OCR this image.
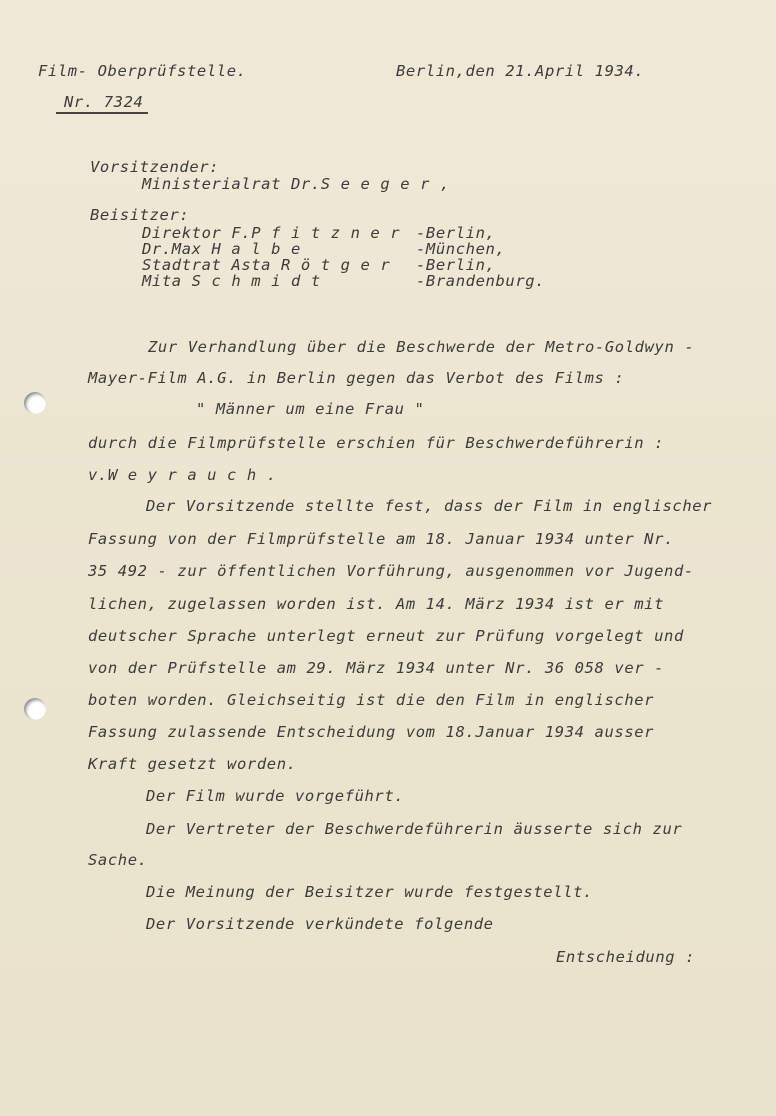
Film- Oberprüfstelle.	Berlin,den 21.April 1934.
Nr. 7324
Vorsitzender:
Ministerialrat Dr.S e e g e r ,
Beisitzer:
Direktor F.P f i t z n e r -Berlin,
Dr.Max H a l b e	-München,
Stadtrat Asta R ö t g e r -Berlin,
Mita S c h m i d t	-Brandenburg.
Zur Verhandlung über die Beschwerde der Metro-Goldwyn -
Mayer-Film A.G. in Berlin gegen das Verbot des Films :
" Männer um eine Frau "
durch die Filmprüfstelle erschien für Beschwerdeführerin :
v.W e y r a u c h .
Der Vorsitzende stellte fest, dass der Film in englischer
Fassung von der Filmprüfstelle am 18. Januar 1934 unter Nr.
35 492 - zur öffentlichen Vorführung, ausgenommen vor Jugend-
lichen, zugelassen worden ist. Am 14. März 1934 ist er mit
deutscher Sprache unterlegt erneut zur Prüfung vorgelegt und
von der Prüfstelle am 29. März 1934 unter Nr. 36 058 ver -
boten worden. Gleichseitig ist die den Film in englischer
Fassung zulassende Entscheidung vom 18.Januar 1934 ausser
Kraft gesetzt worden.
Der Film wurde vorgeführt.
Der Vertreter der Beschwerdeführerin äusserte sich zur
Sache.
Die Meinung der Beisitzer wurde festgestellt.
Der Vorsitzende verkündete folgende
Entscheidung :
